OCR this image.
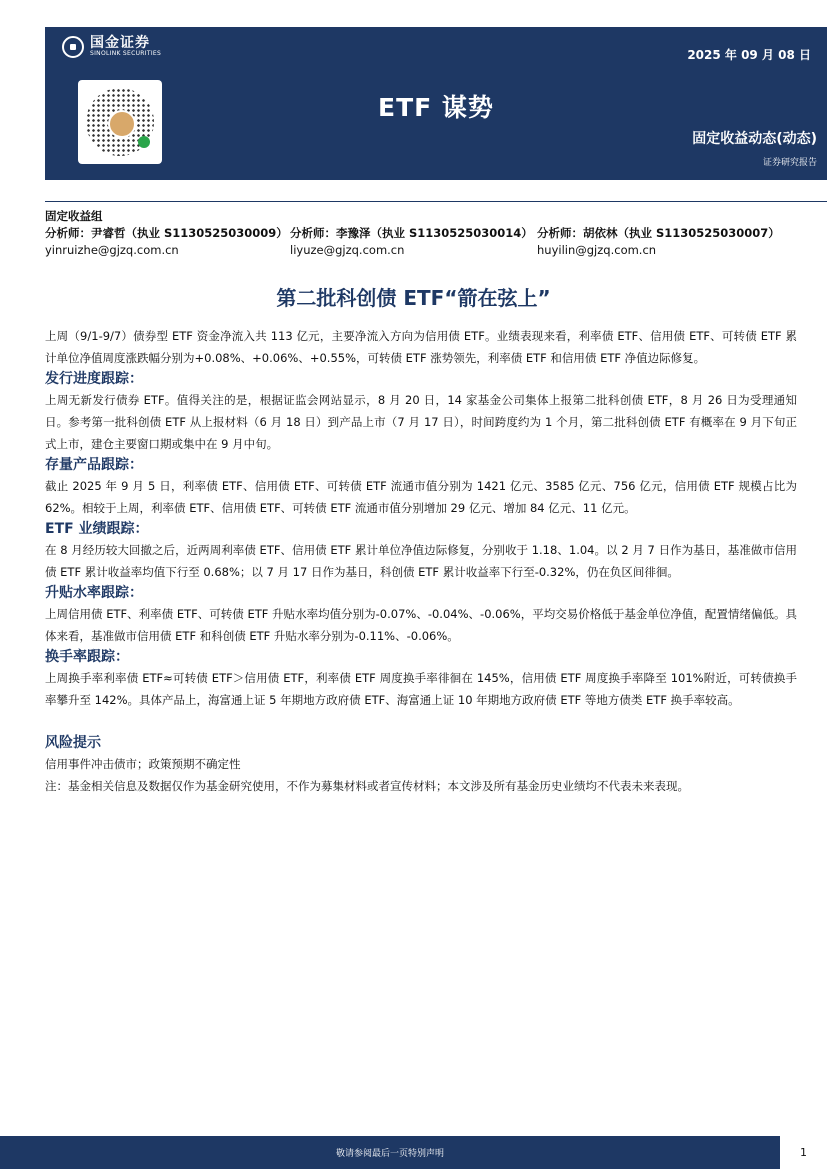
国金证券
SINOLINK SECURITIES	2025 年 09 月 08 日
ETF 谋势
固定收益动态(动态)
证券研究报告
固定收益组
分析师：尹睿哲（执业 S1130525030009） 分析师：李豫泽（执业 S1130525030014） 分析师：胡依林（执业 S1130525030007）
yinruizhe@gjzq.com.cn	liyuze@gjzq.com.cn	huyilin@gjzq.com.cn
第二批科创债 ETF“箭在弦上”

上周（9/1-9/7）债券型 ETF 资金净流入共 113 亿元，主要净流入方向为信用债 ETF。业绩表现来看，利率债 ETF、信用债 ETF、可转债 ETF 累计单位净值周度涨跌幅分别为+0.08%、+0.06%、+0.55%，可转债 ETF 涨势领先，利率债 ETF 和信用债 ETF 净值边际修复。

发行进度跟踪：

上周无新发行债券 ETF。值得关注的是，根据证监会网站显示，8 月 20 日，14 家基金公司集体上报第二批科创债 ETF，8 月 26 日为受理通知日。参考第一批科创债 ETF 从上报材料（6 月 18 日）到产品上市（7 月 17 日），时间跨度约为 1 个月，第二批科创债 ETF 有概率在 9 月下旬正式上市，建仓主要窗口期或集中在 9 月中旬。

存量产品跟踪：

截止 2025 年 9 月 5 日，利率债 ETF、信用债 ETF、可转债 ETF 流通市值分别为 1421 亿元、3585 亿元、756 亿元，信用债 ETF 规模占比为 62%。相较于上周，利率债 ETF、信用债 ETF、可转债 ETF 流通市值分别增加 29 亿元、增加 84 亿元、11 亿元。

ETF 业绩跟踪：

在 8 月经历较大回撤之后，近两周利率债 ETF、信用债 ETF 累计单位净值边际修复，分别收于 1.18、1.04。以 2 月 7 日作为基日，基准做市信用债 ETF 累计收益率均值下行至 0.68%；以 7 月 17 日作为基日，科创债 ETF 累计收益率下行至-0.32%，仍在负区间徘徊。

升贴水率跟踪：

上周信用债 ETF、利率债 ETF、可转债 ETF 升贴水率均值分别为-0.07%、-0.04%、-0.06%，平均交易价格低于基金单位净值，配置情绪偏低。具体来看，基准做市信用债 ETF 和科创债 ETF 升贴水率分别为-0.11%、-0.06%。

换手率跟踪：

上周换手率利率债 ETF≈可转债 ETF＞信用债 ETF，利率债 ETF 周度换手率徘徊在 145%，信用债 ETF 周度换手率降至 101%附近，可转债换手率攀升至 142%。具体产品上，海富通上证 5 年期地方政府债 ETF、海富通上证 10 年期地方政府债 ETF 等地方债类 ETF 换手率较高。

风险提示

信用事件冲击债市；政策预期不确定性

注：基金相关信息及数据仅作为基金研究使用，不作为募集材料或者宣传材料；本文涉及所有基金历史业绩均不代表未来表现。

敬请参阅最后一页特别声明	1
